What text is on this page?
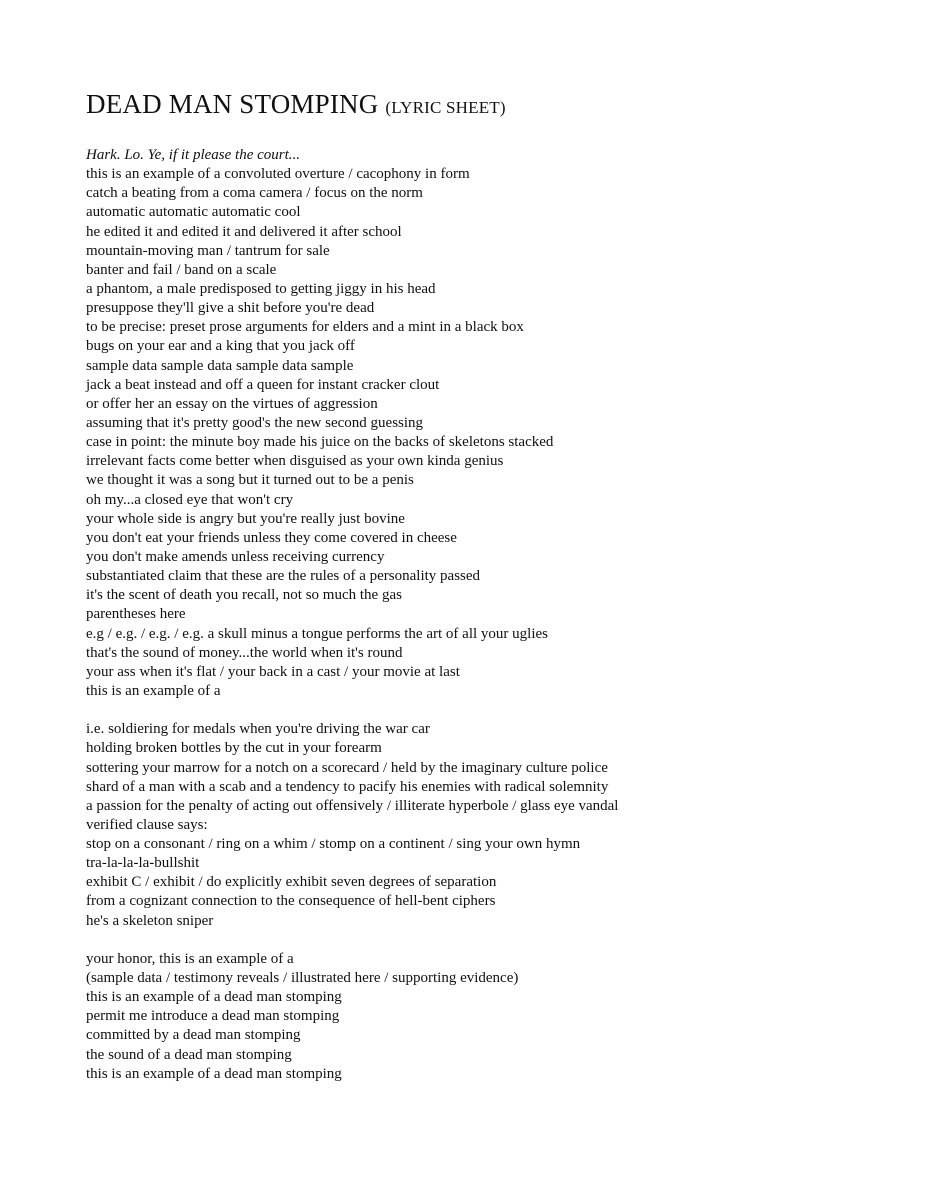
DEAD MAN STOMPING (LYRIC SHEET)
Hark. Lo. Ye, if it please the court...
this is an example of a convoluted overture / cacophony in form
catch a beating from a coma camera / focus on the norm
automatic automatic automatic cool
he edited it and edited it and delivered it after school
mountain-moving man / tantrum for sale
banter and fail / band on a scale
a phantom, a male predisposed to getting jiggy in his head
presuppose they'll give a shit before you're dead
to be precise: preset prose arguments for elders and a mint in a black box
bugs on your ear and a king that you jack off
sample data sample data sample data sample
jack a beat instead and off a queen for instant cracker clout
or offer her an essay on the virtues of aggression
assuming that it's pretty good's the new second guessing
case in point: the minute boy made his juice on the backs of skeletons stacked
irrelevant facts come better when disguised as your own kinda genius
we thought it was a song but it turned out to be a penis
oh my...a closed eye that won't cry
your whole side is angry but you're really just bovine
you don't eat your friends unless they come covered in cheese
you don't make amends unless receiving currency
substantiated claim that these are the rules of a personality passed
it's the scent of death you recall, not so much the gas
parentheses here
e.g / e.g. / e.g. / e.g. a skull minus a tongue performs the art of all your uglies
that's the sound of money...the world when it's round
your ass when it's flat / your back in a cast / your movie at last
this is an example of a
i.e. soldiering for medals when you're driving the war car
holding broken bottles by the cut in your forearm
sottering your marrow for a notch on a scorecard / held by the imaginary culture police
shard of a man with a scab and a tendency to pacify his enemies with radical solemnity
a passion for the penalty of acting out offensively / illiterate hyperbole / glass eye vandal
verified clause says:
stop on a consonant / ring on a whim / stomp on a continent / sing your own hymn
tra-la-la-la-bullshit
exhibit C / exhibit / do explicitly exhibit seven degrees of separation
from a cognizant connection to the consequence of hell-bent ciphers
he's a skeleton sniper
your honor, this is an example of a
(sample data / testimony reveals / illustrated here / supporting evidence)
this is an example of a dead man stomping
permit me introduce a dead man stomping
committed by a dead man stomping
the sound of a dead man stomping
this is an example of a dead man stomping
